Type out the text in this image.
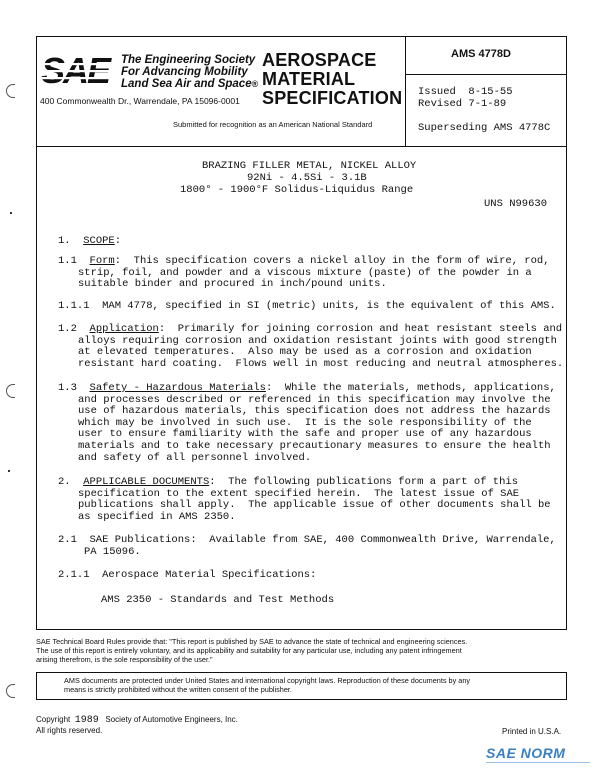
The Engineering Society
For Advancing Mobility
Land Sea Air and Space®
400 Commonwealth Dr., Warrendale, PA 15096-0001
AEROSPACE
MATERIAL
SPECIFICATION
Submitted for recognition as an American National Standard
AMS 4778D
Issued  8-15-55
Revised 7-1-89
Superseding AMS 4778C
BRAZING FILLER METAL, NICKEL ALLOY
92Ni - 4.5Si - 3.1B
1800° - 1900°F Solidus-Liquidus Range
UNS N99630
1. SCOPE:
1.1 Form:  This specification covers a nickel alloy in the form of wire, rod,
strip, foil, and powder and a viscous mixture (paste) of the powder in a
suitable binder and procured in inch/pound units.
1.1.1  MAM 4778, specified in SI (metric) units, is the equivalent of this AMS.
1.2 Application:  Primarily for joining corrosion and heat resistant steels and
alloys requiring corrosion and oxidation resistant joints with good strength
at elevated temperatures.  Also may be used as a corrosion and oxidation
resistant hard coating.  Flows well in most reducing and neutral atmospheres.
1.3 Safety - Hazardous Materials:  While the materials, methods, applications,
and processes described or referenced in this specification may involve the
use of hazardous materials, this specification does not address the hazards
which may be involved in such use.  It is the sole responsibility of the
user to ensure familiarity with the safe and proper use of any hazardous
materials and to take necessary precautionary measures to ensure the health
and safety of all personnel involved.
2. APPLICABLE DOCUMENTS:  The following publications form a part of this
specification to the extent specified herein.  The latest issue of SAE
publications shall apply.  The applicable issue of other documents shall be
as specified in AMS 2350.
2.1  SAE Publications:  Available from SAE, 400 Commonwealth Drive, Warrendale,
PA 15096.
2.1.1  Aerospace Material Specifications:
AMS 2350 - Standards and Test Methods
SAE Technical Board Rules provide that: "This report is published by SAE to advance the state of technical and engineering sciences.
The use of this report is entirely voluntary, and its applicability and suitability for any particular use, including any patent infringement
arising therefrom, is the sole responsibility of the user."
AMS documents are protected under United States and international copyright laws. Reproduction of these documents by any
means is strictly prohibited without the written consent of the publisher.
Copyright 1989 Society of Automotive Engineers, Inc.
All rights reserved.	Printed in U.S.A.
SAE NORM
